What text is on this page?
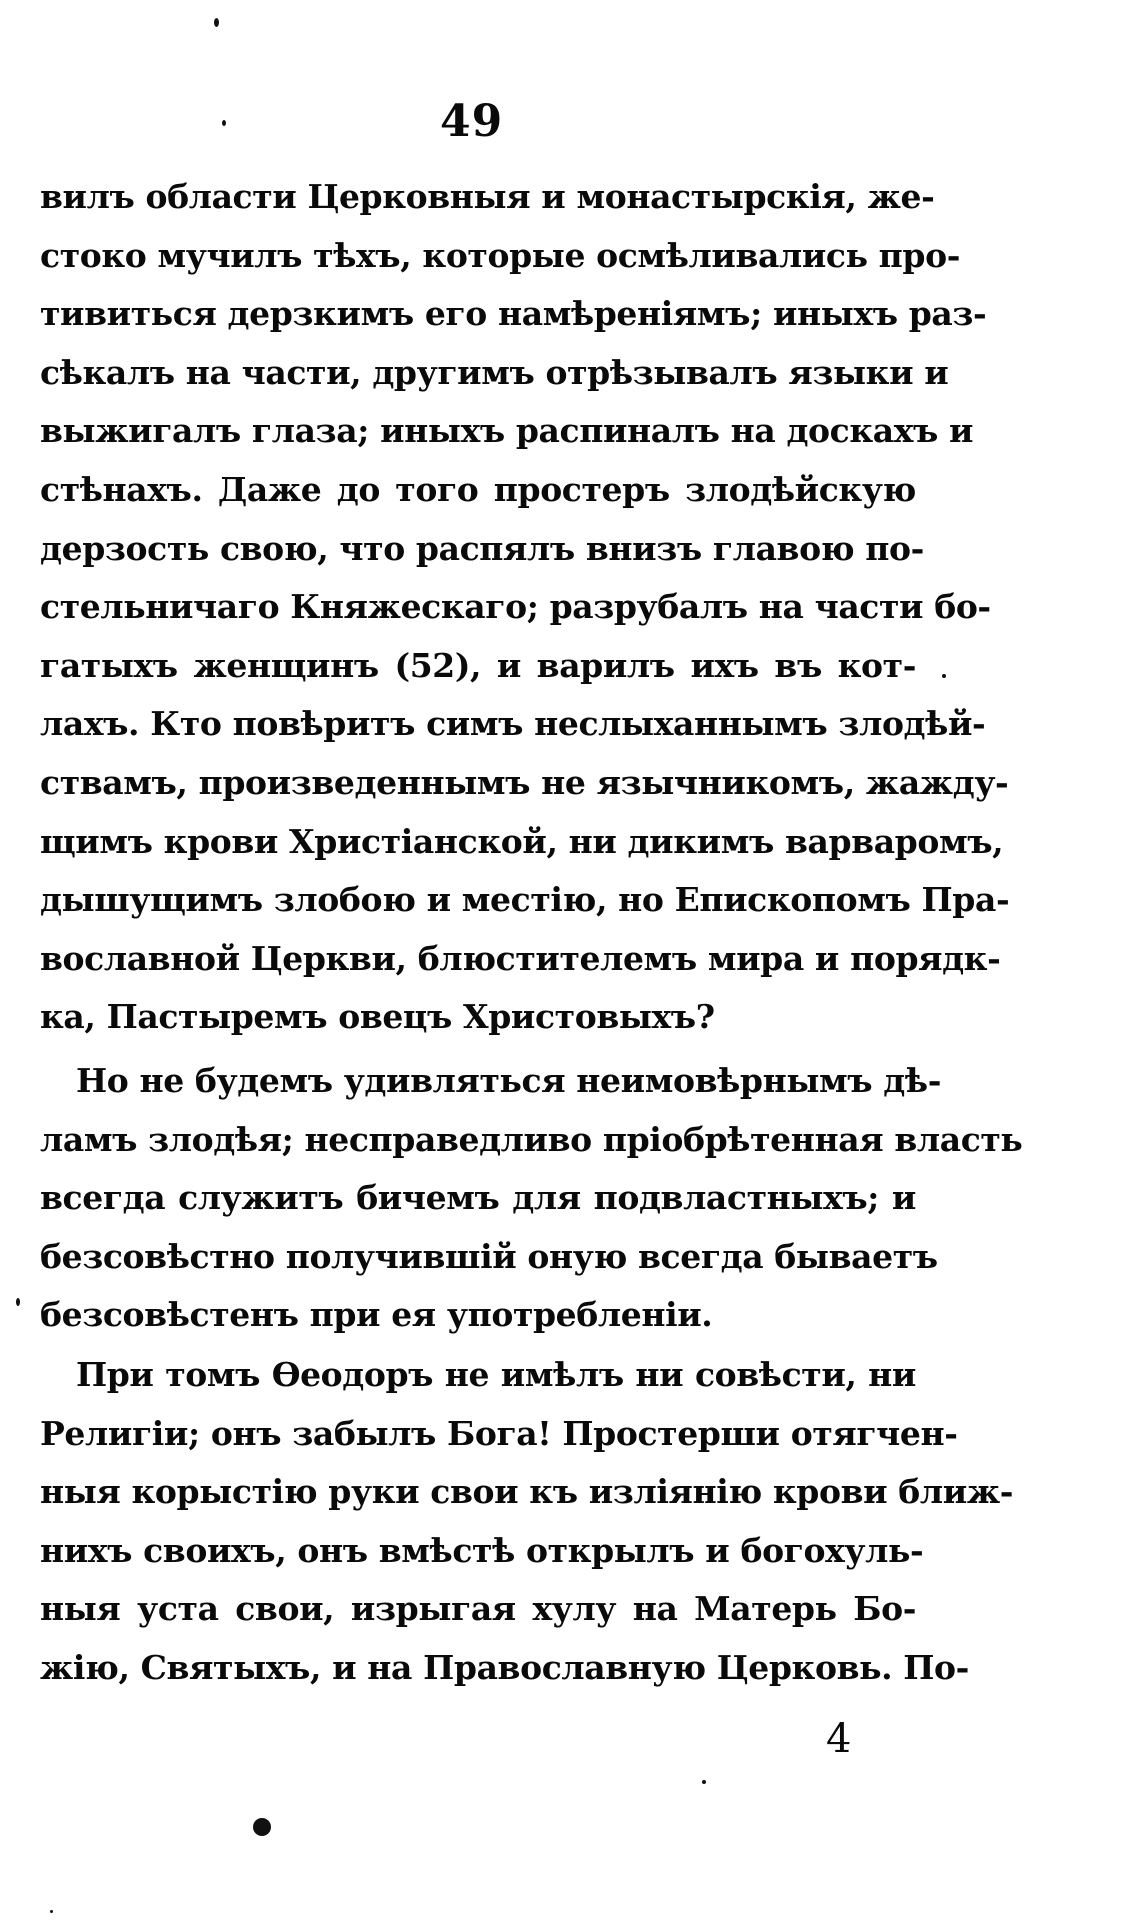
49
вилъ области Церковныя и монастырскія, же-
стоко мучилъ тѣхъ, которые осмѣливались про-
тивиться дерзкимъ его намѣреніямъ; иныхъ раз-
сѣкалъ на части, другимъ отрѣзывалъ языки и
выжигалъ глаза; иныхъ распиналъ на доскахъ и
стѣнахъ. Даже до того простеръ злодѣйскую
дерзость свою, что распялъ внизъ главою по-
стельничаго Княжескаго; разрубалъ на части бо-
гатыхъ женщинъ (52), и варилъ ихъ въ кот-
лахъ. Кто повѣритъ симъ неслыханнымъ злодѣй-
ствамъ, произведеннымъ не язычникомъ, жажду-
щимъ крови Христіанской, ни дикимъ варваромъ,
дышущимъ злобою и местію, но Епископомъ Пра-
вославной Церкви, блюстителемъ мира и порядк-
ка, Пастыремъ овецъ Христовыхъ?
Но не будемъ удивляться неимовѣрнымъ дѣ-
ламъ злодѣя; несправедливо пріобрѣтенная власть
всегда служитъ бичемъ для подвластныхъ; и
безсовѣстно получившій оную всегда бываетъ
безсовѣстенъ при ея употребленіи.
При томъ Ѳеодоръ не имѣлъ ни совѣсти, ни
Религіи; онъ забылъ Бога! Простерши отягчен-
ныя корыстію руки свои къ изліянію крови ближ-
нихъ своихъ, онъ вмѣстѣ открылъ и богохуль-
ныя уста свои, изрыгая хулу на Матерь Бо-
жію, Святыхъ, и на Православную Церковь. По-
4
